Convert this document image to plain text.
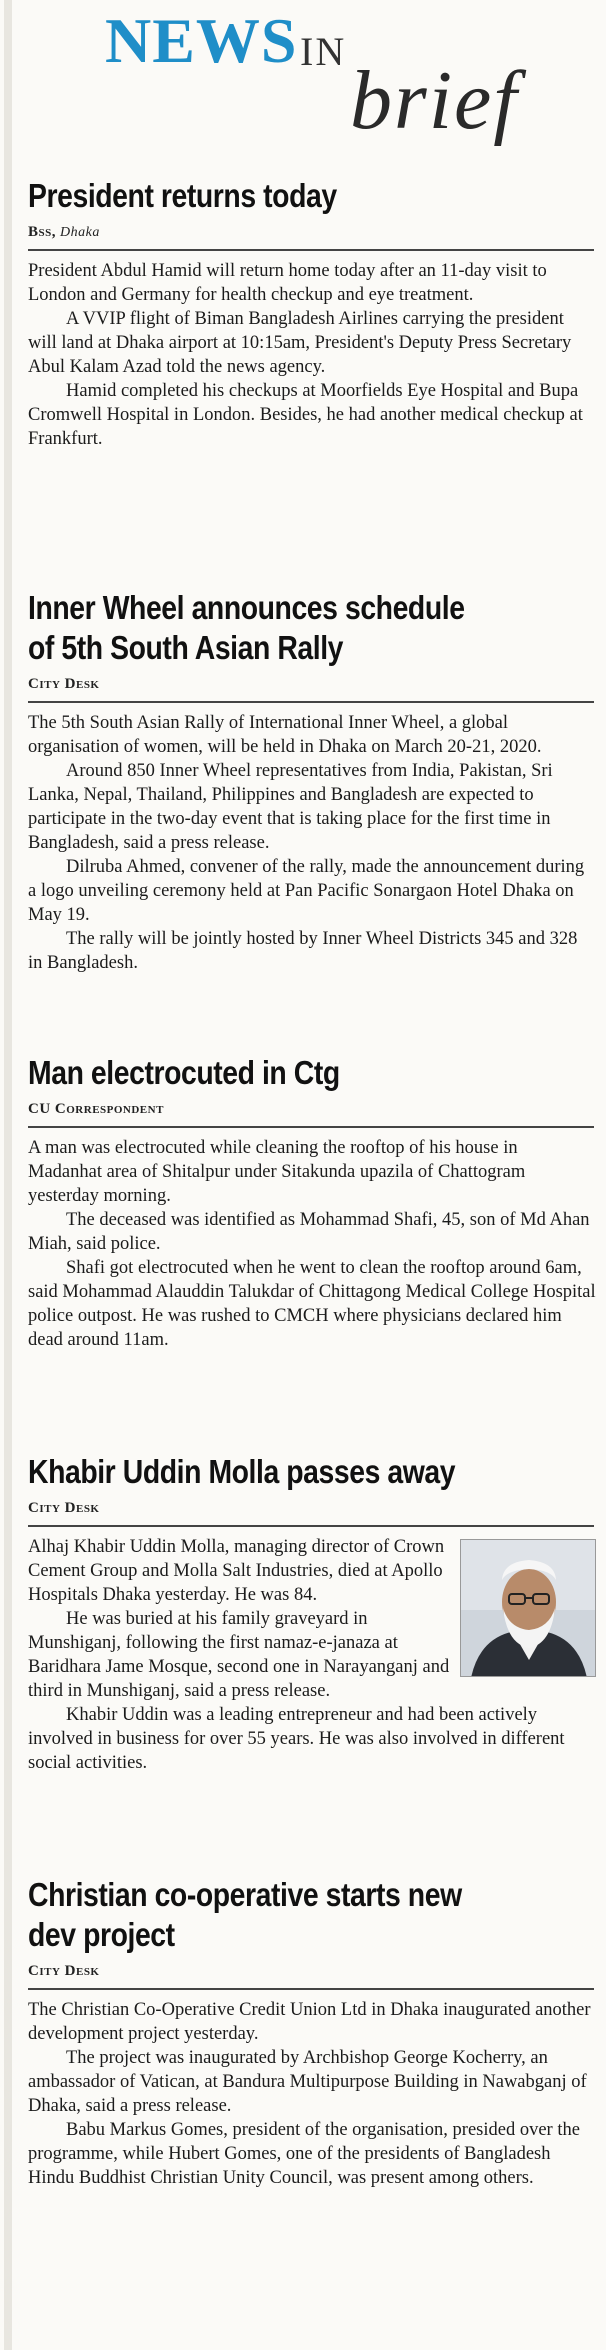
NEWS IN
brief
President returns today
Bss, Dhaka

President Abdul Hamid will return home today after an 11-day visit to London and Germany for health checkup and eye treatment.

A VVIP flight of Biman Bangladesh Airlines carrying the president will land at Dhaka airport at 10:15am, President's Deputy Press Secretary Abul Kalam Azad told the news agency.

Hamid completed his checkups at Moorfields Eye Hospital and Bupa Cromwell Hospital in London. Besides, he had another medical checkup at Frankfurt.

Inner Wheel announces schedule
of 5th South Asian Rally
City Desk

The 5th South Asian Rally of International Inner Wheel, a global organisation of women, will be held in Dhaka on March 20-21, 2020.

Around 850 Inner Wheel representatives from India, Pakistan, Sri Lanka, Nepal, Thailand, Philippines and Bangladesh are expected to participate in the two-day event that is taking place for the first time in Bangladesh, said a press release.

Dilruba Ahmed, convener of the rally, made the announcement during a logo unveiling ceremony held at Pan Pacific Sonargaon Hotel Dhaka on May 19.

The rally will be jointly hosted by Inner Wheel Districts 345 and 328 in Bangladesh.

Man electrocuted in Ctg
CU Correspondent

A man was electrocuted while cleaning the rooftop of his house in Madanhat area of Shitalpur under Sitakunda upazila of Chattogram yesterday morning.

The deceased was identified as Mohammad Shafi, 45, son of Md Ahan Miah, said police.

Shafi got electrocuted when he went to clean the rooftop around 6am, said Mohammad Alauddin Talukdar of Chittagong Medical College Hospital police outpost. He was rushed to CMCH where physicians declared him dead around 11am.

Khabir Uddin Molla passes away
City Desk

Alhaj Khabir Uddin Molla, managing director of Crown Cement Group and Molla Salt Industries, died at Apollo Hospitals Dhaka yesterday. He was 84.

He was buried at his family graveyard in Munshiganj, following the first namaz-e-janaza at Baridhara Jame Mosque, second one in Narayanganj and third in Munshiganj, said a press release.

Khabir Uddin was a leading entrepreneur and had been actively involved in business for over 55 years. He was also involved in different social activities.

Christian co-operative starts new
dev project
City Desk

The Christian Co-Operative Credit Union Ltd in Dhaka inaugurated another development project yesterday.

The project was inaugurated by Archbishop George Kocherry, an ambassador of Vatican, at Bandura Multipurpose Building in Nawabganj of Dhaka, said a press release.

Babu Markus Gomes, president of the organisation, presided over the programme, while Hubert Gomes, one of the presidents of Bangladesh Hindu Buddhist Christian Unity Council, was present among others.
